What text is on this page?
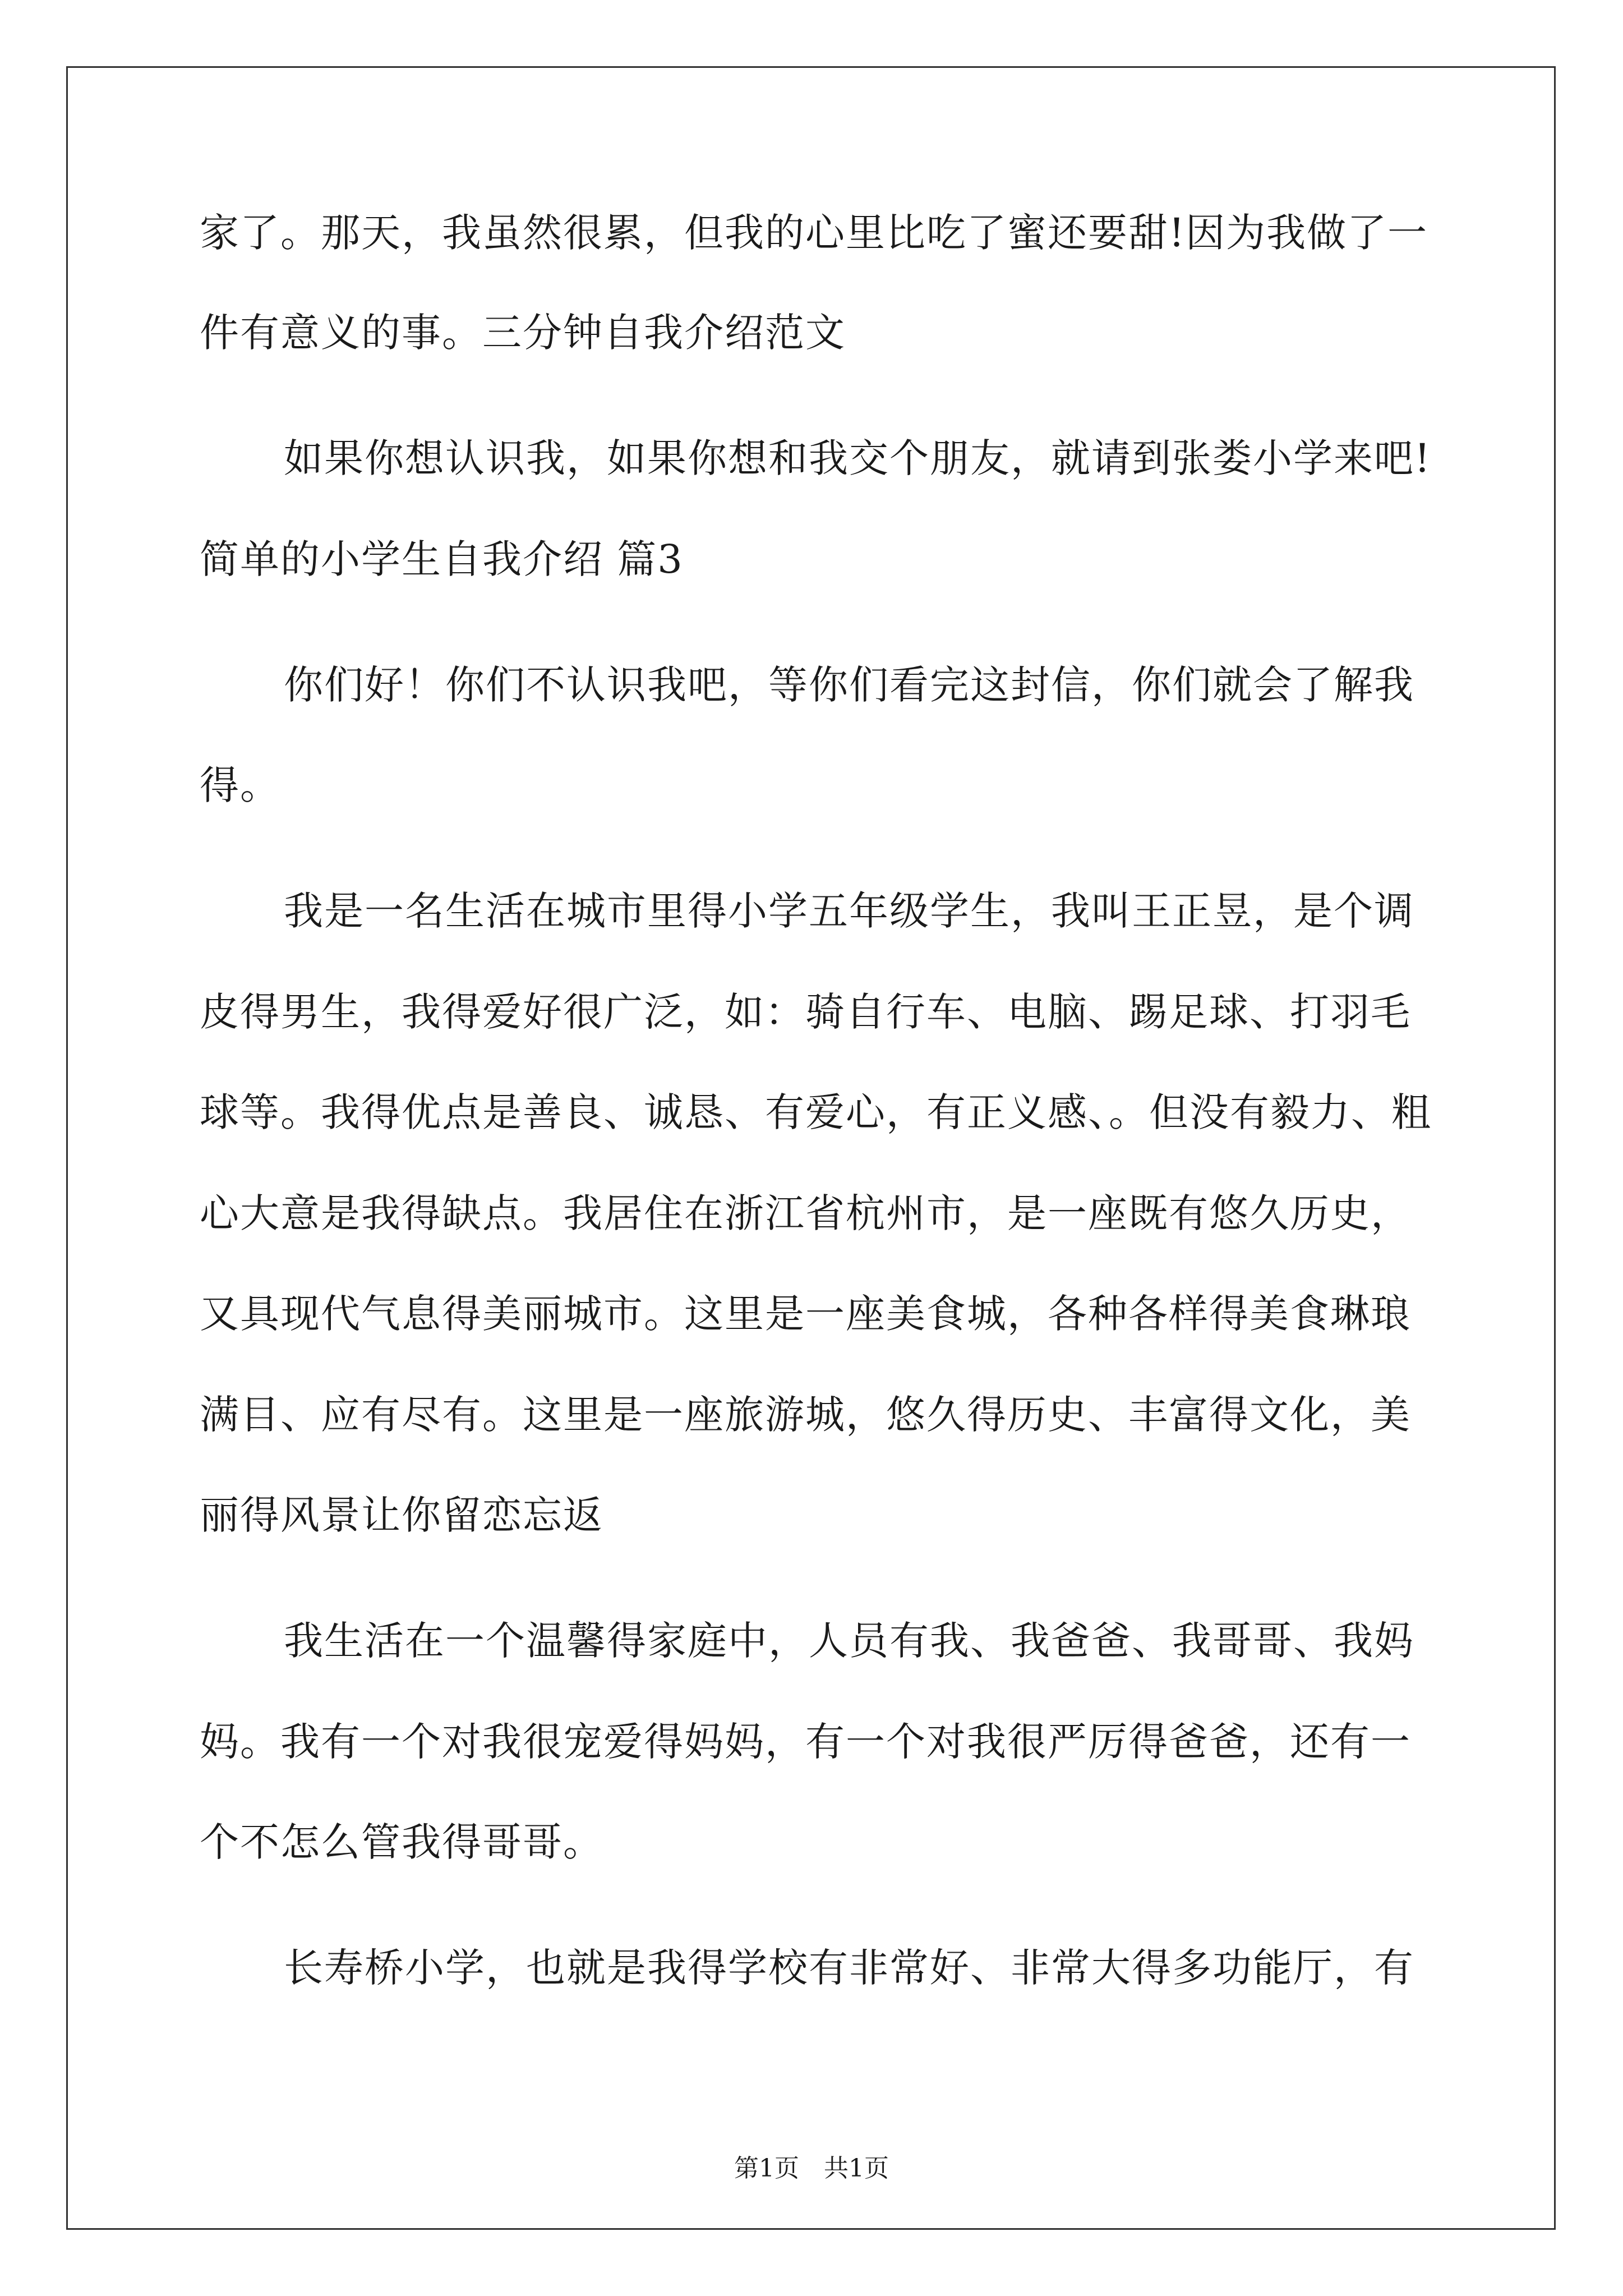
家了。那天，我虽然很累，但我的心里比吃了蜜还要甜!因为我做了一
件有意义的事。三分钟自我介绍范文
如果你想认识我，如果你想和我交个朋友，就请到张娄小学来吧!
简单的小学生自我介绍 篇3
你们好！你们不认识我吧，等你们看完这封信，你们就会了解我
得。
我是一名生活在城市里得小学五年级学生，我叫王正昱，是个调
皮得男生，我得爱好很广泛，如：骑自行车、电脑、踢足球、打羽毛
球等。我得优点是善良、诚恳、有爱心，有正义感、。但没有毅力、粗
心大意是我得缺点。我居住在浙江省杭州市，是一座既有悠久历史，
又具现代气息得美丽城市。这里是一座美食城，各种各样得美食琳琅
满目、应有尽有。这里是一座旅游城，悠久得历史、丰富得文化，美
丽得风景让你留恋忘返
我生活在一个温馨得家庭中，人员有我、我爸爸、我哥哥、我妈
妈。我有一个对我很宠爱得妈妈，有一个对我很严厉得爸爸，还有一
个不怎么管我得哥哥。
长寿桥小学，也就是我得学校有非常好、非常大得多功能厅，有
第1页　共1页
